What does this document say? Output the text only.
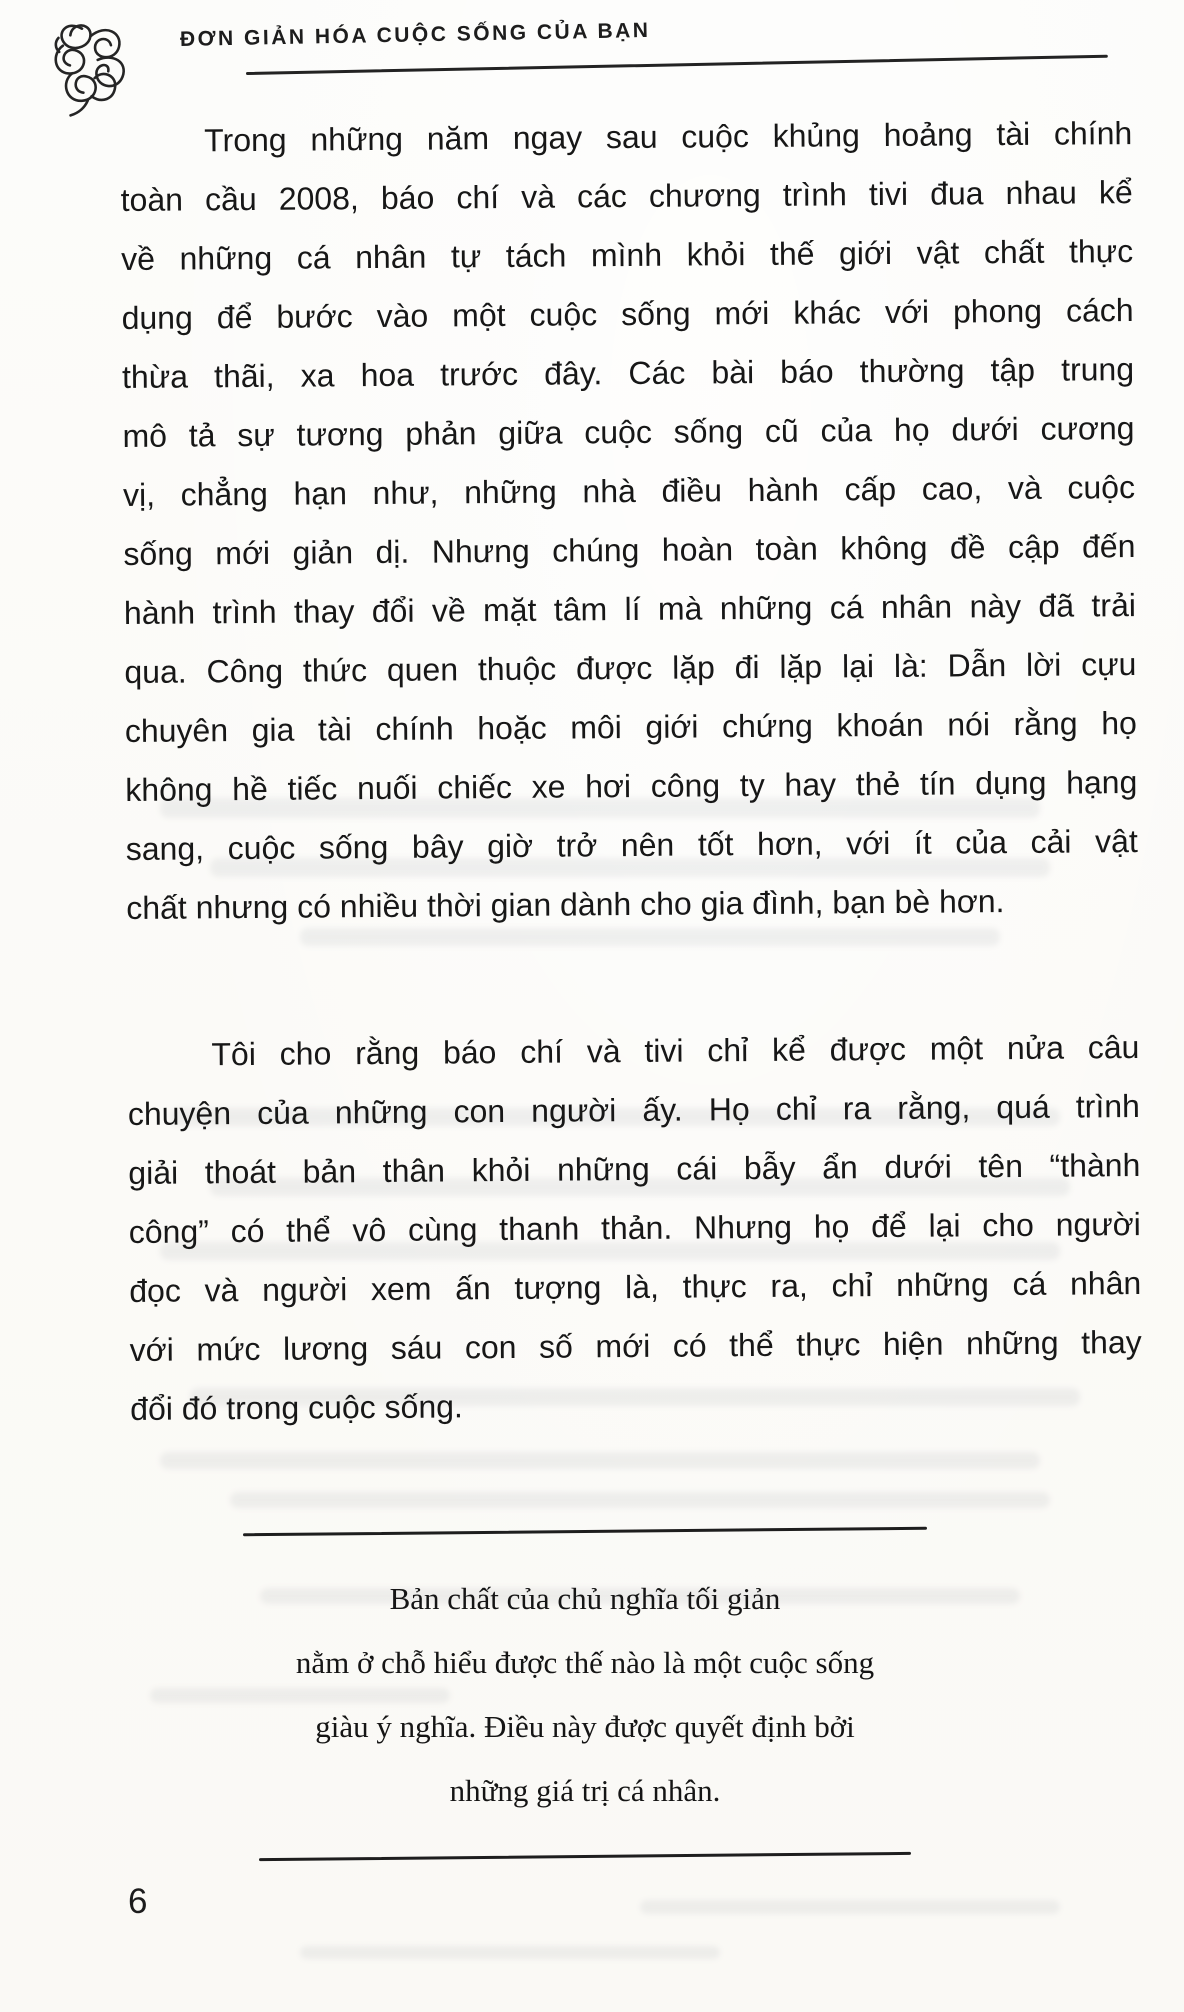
ĐƠN GIẢN HÓA CUỘC SỐNG CỦA BẠN
Trong những năm ngay sau cuộc khủng hoảng tài chính
toàn cầu 2008, báo chí và các chương trình tivi đua nhau kể
về những cá nhân tự tách mình khỏi thế giới vật chất thực
dụng để bước vào một cuộc sống mới khác với phong cách
thừa thãi, xa hoa trước đây. Các bài báo thường tập trung
mô tả sự tương phản giữa cuộc sống cũ của họ dưới cương
vị, chẳng hạn như, những nhà điều hành cấp cao, và cuộc
sống mới giản dị. Nhưng chúng hoàn toàn không đề cập đến
hành trình thay đổi về mặt tâm lí mà những cá nhân này đã trải
qua. Công thức quen thuộc được lặp đi lặp lại là: Dẫn lời cựu
chuyên gia tài chính hoặc môi giới chứng khoán nói rằng họ
không hề tiếc nuối chiếc xe hơi công ty hay thẻ tín dụng hạng
sang, cuộc sống bây giờ trở nên tốt hơn, với ít của cải vật
chất nhưng có nhiều thời gian dành cho gia đình, bạn bè hơn.
Tôi cho rằng báo chí và tivi chỉ kể được một nửa câu
chuyện của những con người ấy. Họ chỉ ra rằng, quá trình
giải thoát bản thân khỏi những cái bẫy ẩn dưới tên “thành
công” có thể vô cùng thanh thản. Nhưng họ để lại cho người
đọc và người xem ấn tượng là, thực ra, chỉ những cá nhân
với mức lương sáu con số mới có thể thực hiện những thay
đổi đó trong cuộc sống.
Bản chất của chủ nghĩa tối giản
nằm ở chỗ hiểu được thế nào là một cuộc sống
giàu ý nghĩa. Điều này được quyết định bởi
những giá trị cá nhân.
6
